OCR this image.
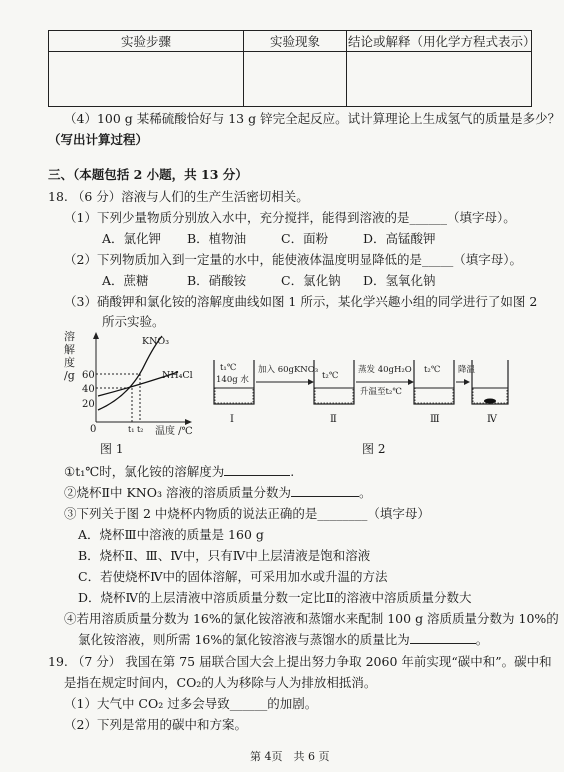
实验步骤	实验现象	结论或解释（用化学方程式表示）

（4）100 g 某稀硫酸恰好与 13 g 锌完全起反应。试计算理论上生成氢气的质量是多少？
（写出计算过程）
三、（本题包括 2 小题，共 13 分）
18. （6 分）溶液与人们的生产生活密切相关。
（1）下列少量物质分别放入水中，充分搅拌，能得到溶液的是______（填字母）。
A．氯化钾 B．植物油	C．面粉	D．高锰酸钾
（2）下列物质加入到一定量的水中，能使液体温度明显降低的是_____（填字母）。
A．蔗糖	B．硝酸铵	C．氯化钠 D．氢氧化钠
（3）硝酸钾和氯化铵的溶解度曲线如图 1 所示，某化学兴趣小组的同学进行了如图 2
所示实验。
溶
解
度
/g 60
40
20
0
KNO₃
NH₄Cl
t₁ t₂ 温度 /℃
图 1
t₁℃
140g 水
加入 60gKNO₃
t₂℃
蒸发 40gH₂O
升温至t₂℃
t₂℃ 降温
Ⅰ	Ⅱ	Ⅲ	Ⅳ
图 2
①t₁℃时，氯化铵的溶解度为	.
②烧杯Ⅱ中 KNO₃ 溶液的溶质质量分数为	。
③下列关于图 2 中烧杯内物质的说法正确的是________（填字母）
A．烧杯Ⅲ中溶液的质量是 160 g
B．烧杯Ⅱ、Ⅲ、Ⅳ中，只有Ⅳ中上层清液是饱和溶液
C．若使烧杯Ⅳ中的固体溶解，可采用加水或升温的方法
D．烧杯Ⅳ的上层清液中溶质质量分数一定比Ⅱ的溶液中溶质质量分数大
④若用溶质质量分数为 16%的氯化铵溶液和蒸馏水来配制 100 g 溶质质量分数为 10%的
氯化铵溶液，则所需 16%的氯化铵溶液与蒸馏水的质量比为	。
19. （7 分） 我国在第 75 届联合国大会上提出努力争取 2060 年前实现“碳中和”。碳中和
是指在规定时间内，CO₂的人为移除与人为排放相抵消。
（1）大气中 CO₂ 过多会导致______的加剧。
（2）下列是常用的碳中和方案。
第 4页　共 6 页
